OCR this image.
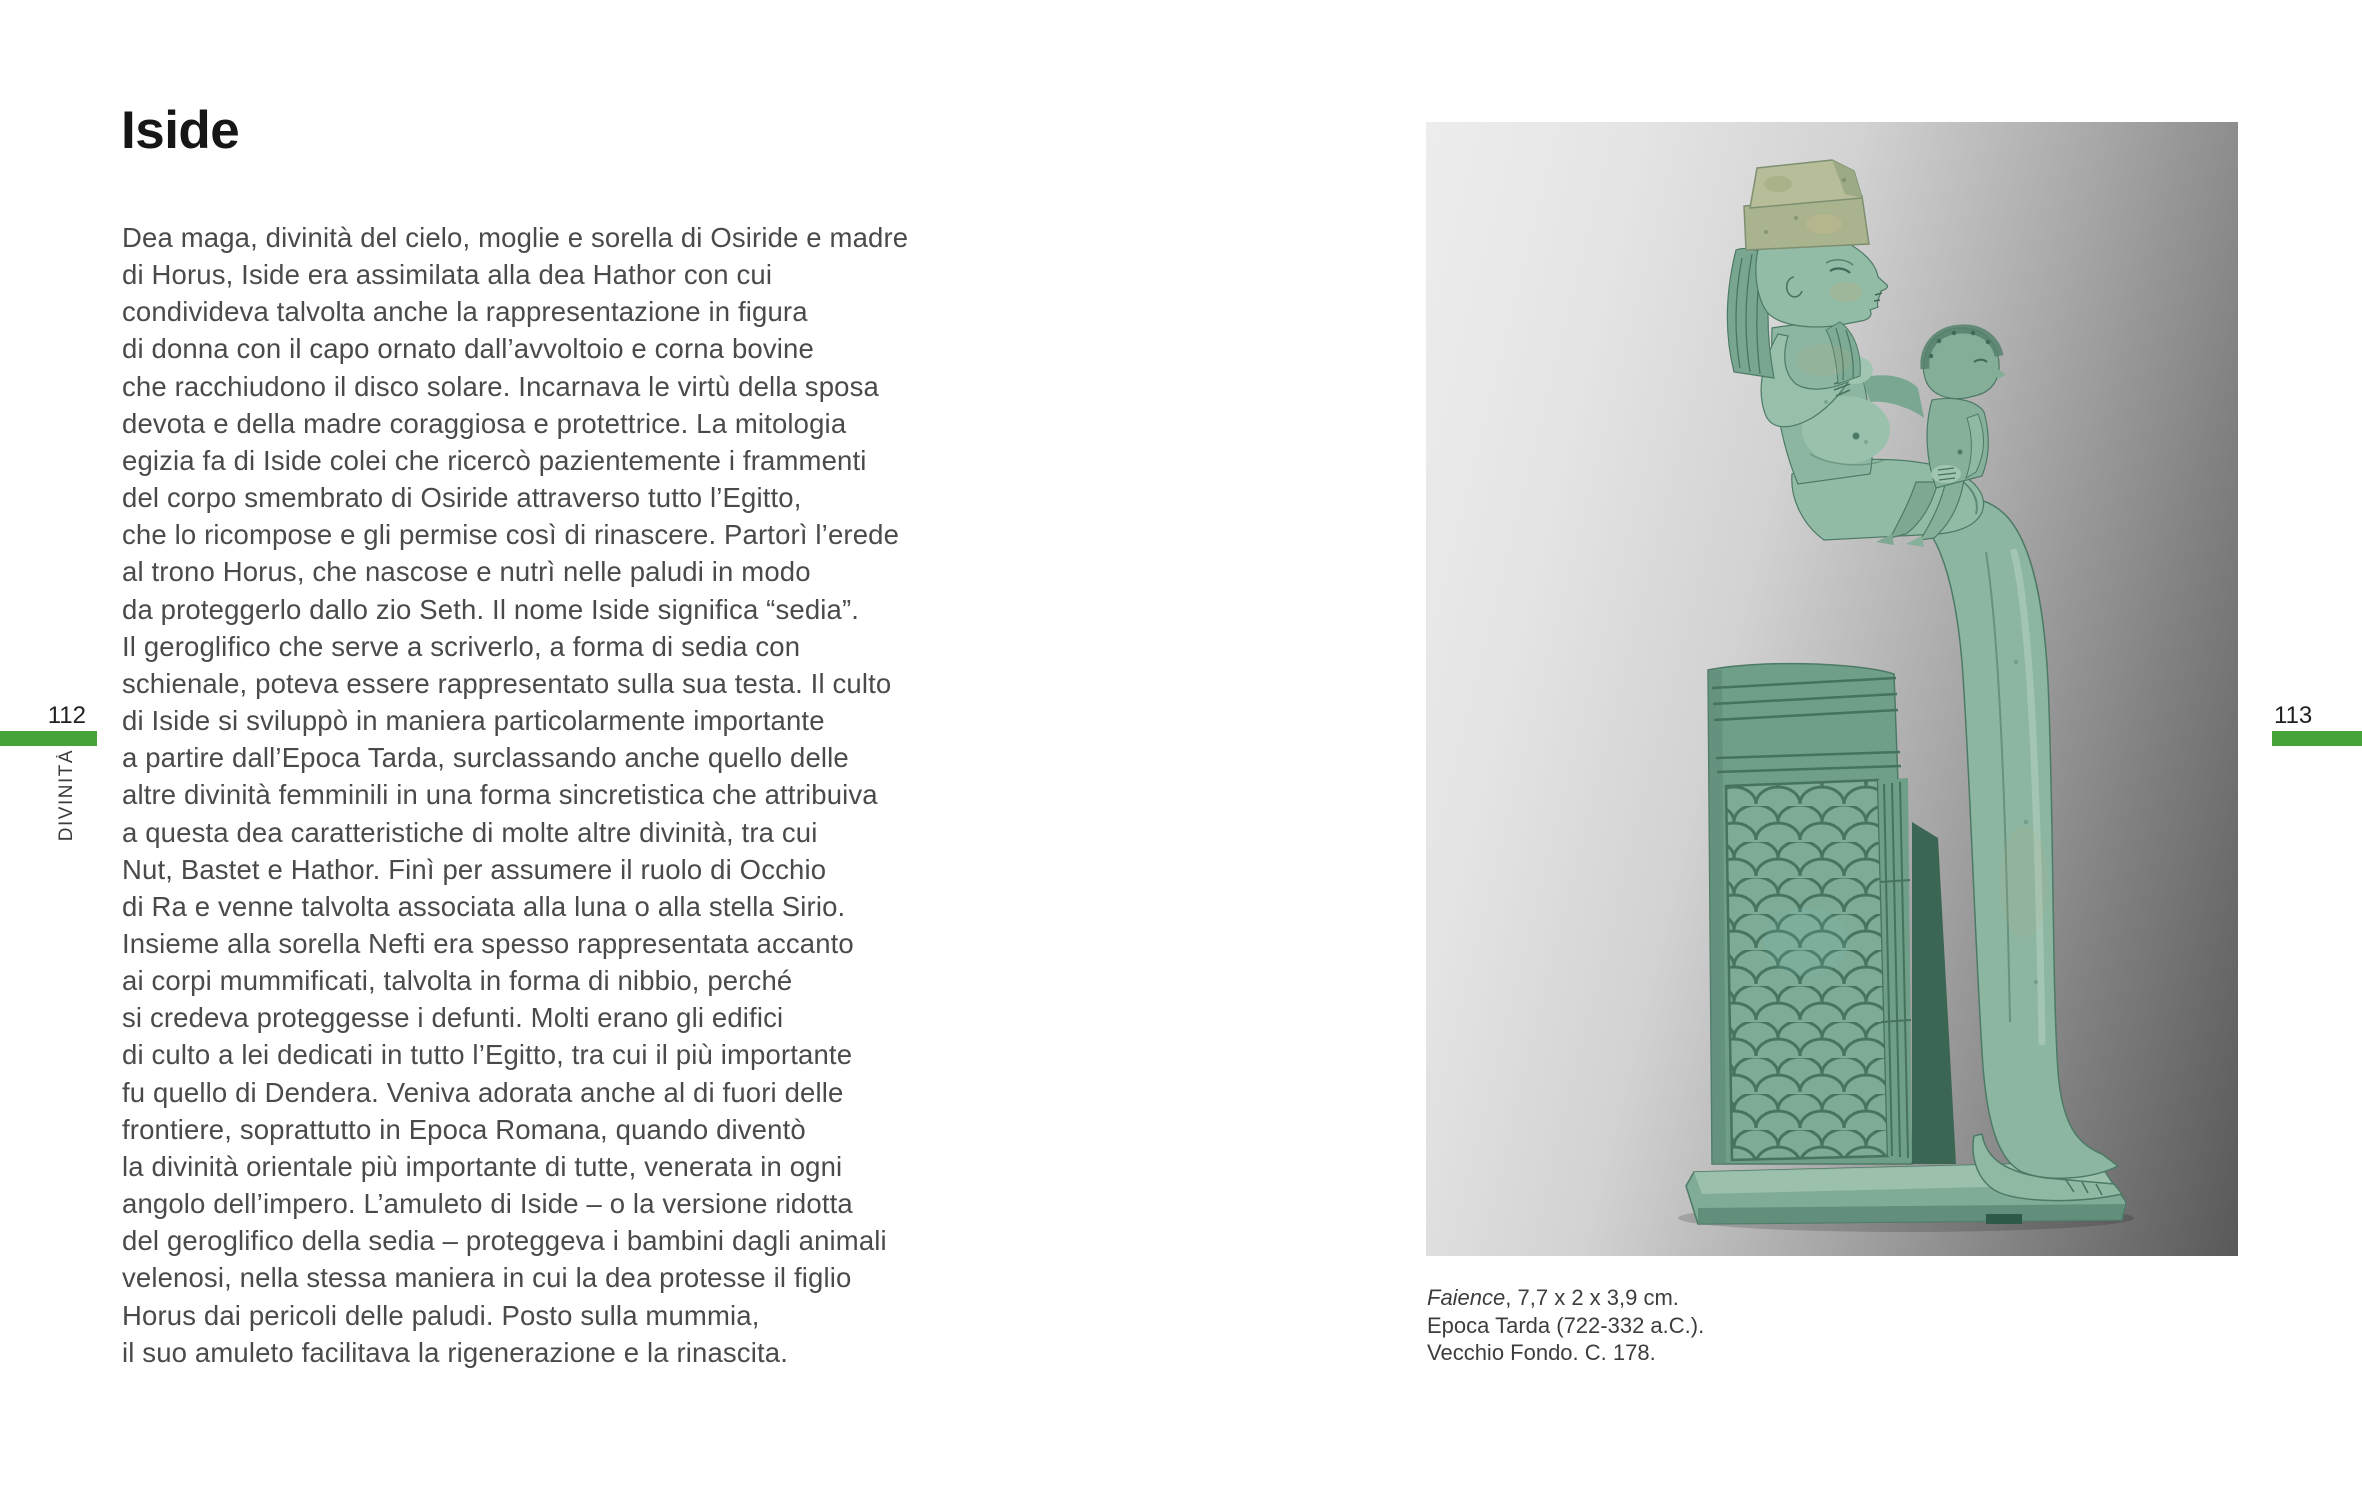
Iside
Dea maga, divinità del cielo, moglie e sorella di Osiride e madre
di Horus, Iside era assimilata alla dea Hathor con cui
condivideva talvolta anche la rappresentazione in figura
di donna con il capo ornato dall’avvoltoio e corna bovine
che racchiudono il disco solare. Incarnava le virtù della sposa
devota e della madre coraggiosa e protettrice. La mitologia
egizia fa di Iside colei che ricercò pazientemente i frammenti
del corpo smembrato di Osiride attraverso tutto l’Egitto,
che lo ricompose e gli permise così di rinascere. Partorì l’erede
al trono Horus, che nascose e nutrì nelle paludi in modo
da proteggerlo dallo zio Seth. Il nome Iside significa “sedia”.
Il geroglifico che serve a scriverlo, a forma di sedia con
schienale, poteva essere rappresentato sulla sua testa. Il culto
di Iside si sviluppò in maniera particolarmente importante
a partire dall’Epoca Tarda, surclassando anche quello delle
altre divinità femminili in una forma sincretistica che attribuiva
a questa dea caratteristiche di molte altre divinità, tra cui
Nut, Bastet e Hathor. Finì per assumere il ruolo di Occhio
di Ra e venne talvolta associata alla luna o alla stella Sirio.
Insieme alla sorella Nefti era spesso rappresentata accanto
ai corpi mummificati, talvolta in forma di nibbio, perché
si credeva proteggesse i defunti. Molti erano gli edifici
di culto a lei dedicati in tutto l’Egitto, tra cui il più importante
fu quello di Dendera. Veniva adorata anche al di fuori delle
frontiere, soprattutto in Epoca Romana, quando diventò
la divinità orientale più importante di tutte, venerata in ogni
angolo dell’impero. L’amuleto di Iside – o la versione ridotta
del geroglifico della sedia – proteggeva i bambini dagli animali
velenosi, nella stessa maniera in cui la dea protesse il figlio
Horus dai pericoli delle paludi. Posto sulla mummia,
il suo amuleto facilitava la rigenerazione e la rinascita.
112
DIVINITÀ
113
Faience, 7,7 x 2 x 3,9 cm.
Epoca Tarda (722-332 a.C.).
Vecchio Fondo. C. 178.
